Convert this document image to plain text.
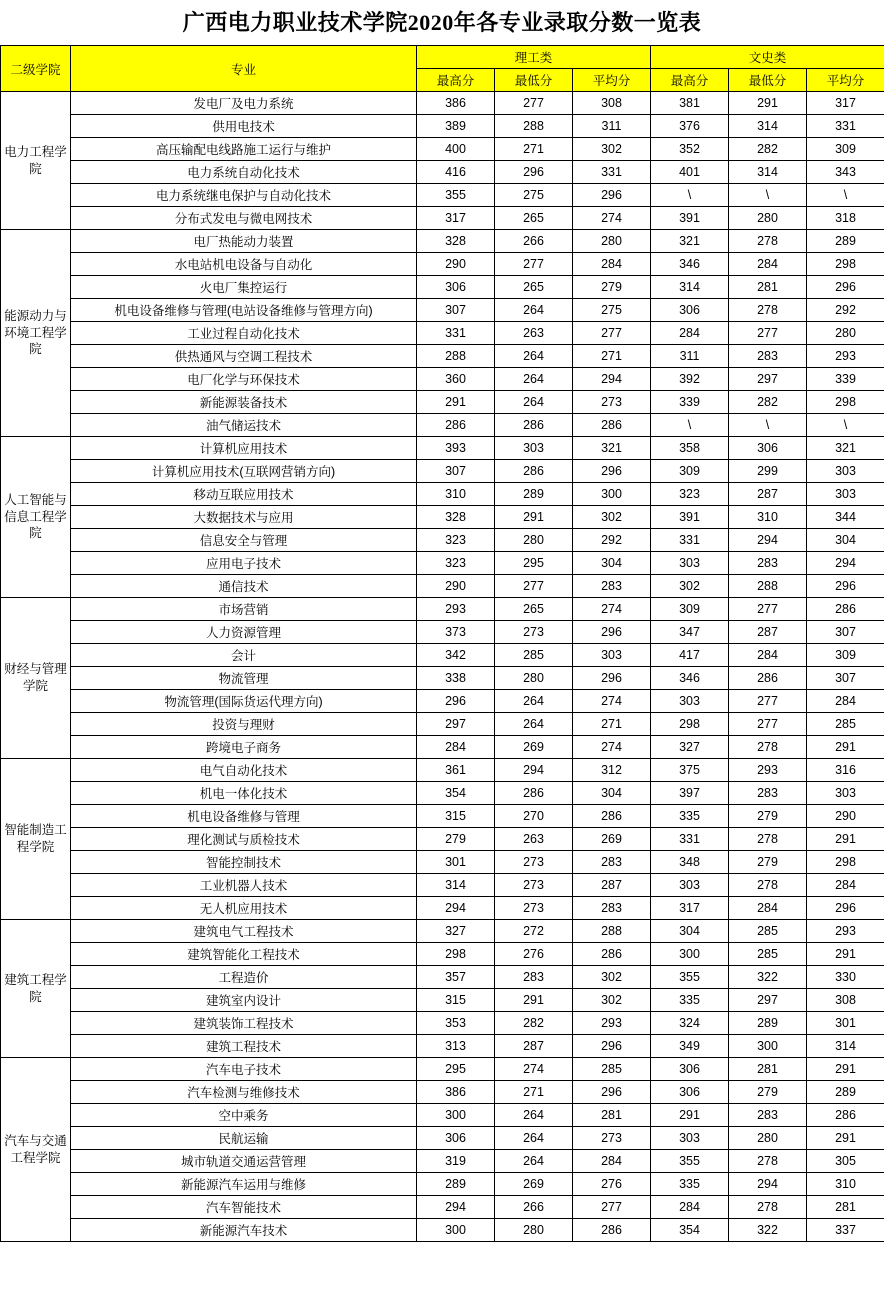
广西电力职业技术学院2020年各专业录取分数一览表
二级学院	专业	理工类			文史类		
		最高分	最低分	平均分	最高分	最低分	平均分
电力工程学院	发电厂及电力系统	386	277	308	381	291	317
	供用电技术	389	288	311	376	314	331
	高压输配电线路施工运行与维护	400	271	302	352	282	309
	电力系统自动化技术	416	296	331	401	314	343
	电力系统继电保护与自动化技术	355	275	296	\	\	\
	分布式发电与微电网技术	317	265	274	391	280	318
能源动力与环境工程学院	电厂热能动力装置	328	266	280	321	278	289
	水电站机电设备与自动化	290	277	284	346	284	298
	火电厂集控运行	306	265	279	314	281	296
	机电设备维修与管理(电站设备维修与管理方向)	307	264	275	306	278	292
	工业过程自动化技术	331	263	277	284	277	280
	供热通风与空调工程技术	288	264	271	311	283	293
	电厂化学与环保技术	360	264	294	392	297	339
	新能源装备技术	291	264	273	339	282	298
	油气储运技术	286	286	286	\	\	\
人工智能与信息工程学院	计算机应用技术	393	303	321	358	306	321
	计算机应用技术(互联网营销方向)	307	286	296	309	299	303
	移动互联应用技术	310	289	300	323	287	303
	大数据技术与应用	328	291	302	391	310	344
	信息安全与管理	323	280	292	331	294	304
	应用电子技术	323	295	304	303	283	294
	通信技术	290	277	283	302	288	296
财经与管理学院	市场营销	293	265	274	309	277	286
	人力资源管理	373	273	296	347	287	307
	会计	342	285	303	417	284	309
	物流管理	338	280	296	346	286	307
	物流管理(国际货运代理方向)	296	264	274	303	277	284
	投资与理财	297	264	271	298	277	285
	跨境电子商务	284	269	274	327	278	291
智能制造工程学院	电气自动化技术	361	294	312	375	293	316
	机电一体化技术	354	286	304	397	283	303
	机电设备维修与管理	315	270	286	335	279	290
	理化测试与质检技术	279	263	269	331	278	291
	智能控制技术	301	273	283	348	279	298
	工业机器人技术	314	273	287	303	278	284
	无人机应用技术	294	273	283	317	284	296
建筑工程学院	建筑电气工程技术	327	272	288	304	285	293
	建筑智能化工程技术	298	276	286	300	285	291
	工程造价	357	283	302	355	322	330
	建筑室内设计	315	291	302	335	297	308
	建筑装饰工程技术	353	282	293	324	289	301
	建筑工程技术	313	287	296	349	300	314
汽车与交通工程学院	汽车电子技术	295	274	285	306	281	291
	汽车检测与维修技术	386	271	296	306	279	289
	空中乘务	300	264	281	291	283	286
	民航运输	306	264	273	303	280	291
	城市轨道交通运营管理	319	264	284	355	278	305
	新能源汽车运用与维修	289	269	276	335	294	310
	汽车智能技术	294	266	277	284	278	281
	新能源汽车技术	300	280	286	354	322	337
